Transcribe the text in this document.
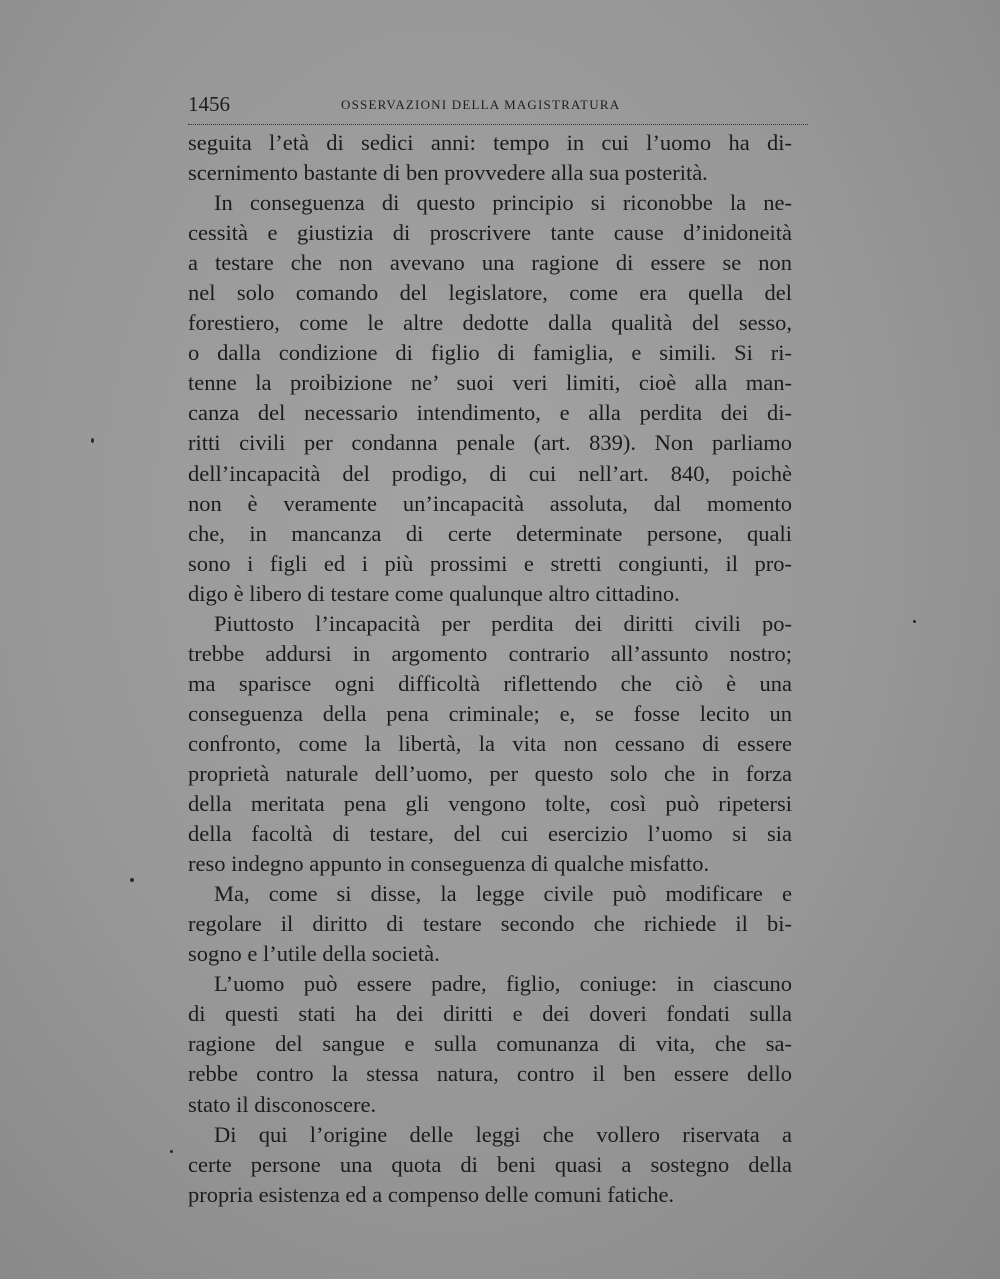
1456	OSSERVAZIONI DELLA MAGISTRATURA
seguita l’età di sedici anni: tempo in cui l’uomo ha di-
scernimento bastante di ben provvedere alla sua posterità.
In conseguenza di questo principio si riconobbe la ne-
cessità e giustizia di proscrivere tante cause d’inidoneità
a testare che non avevano una ragione di essere se non
nel solo comando del legislatore, come era quella del
forestiero, come le altre dedotte dalla qualità del sesso,
o dalla condizione di figlio di famiglia, e simili. Si ri-
tenne la proibizione ne’ suoi veri limiti, cioè alla man-
canza del necessario intendimento, e alla perdita dei di-
ritti civili per condanna penale (art. 839). Non parliamo
dell’incapacità del prodigo, di cui nell’art. 840, poichè
non è veramente un’incapacità assoluta, dal momento
che, in mancanza di certe determinate persone, quali
sono i figli ed i più prossimi e stretti congiunti, il pro-
digo è libero di testare come qualunque altro cittadino.
Piuttosto l’incapacità per perdita dei diritti civili po-
trebbe addursi in argomento contrario all’assunto nostro;
ma sparisce ogni difficoltà riflettendo che ciò è una
conseguenza della pena criminale; e, se fosse lecito un
confronto, come la libertà, la vita non cessano di essere
proprietà naturale dell’uomo, per questo solo che in forza
della meritata pena gli vengono tolte, così può ripetersi
della facoltà di testare, del cui esercizio l’uomo si sia
reso indegno appunto in conseguenza di qualche misfatto.
Ma, come si disse, la legge civile può modificare e
regolare il diritto di testare secondo che richiede il bi-
sogno e l’utile della società.
L’uomo può essere padre, figlio, coniuge: in ciascuno
di questi stati ha dei diritti e dei doveri fondati sulla
ragione del sangue e sulla comunanza di vita, che sa-
rebbe contro la stessa natura, contro il ben essere dello
stato il disconoscere.
Di qui l’origine delle leggi che vollero riservata a
certe persone una quota di beni quasi a sostegno della
propria esistenza ed a compenso delle comuni fatiche.
